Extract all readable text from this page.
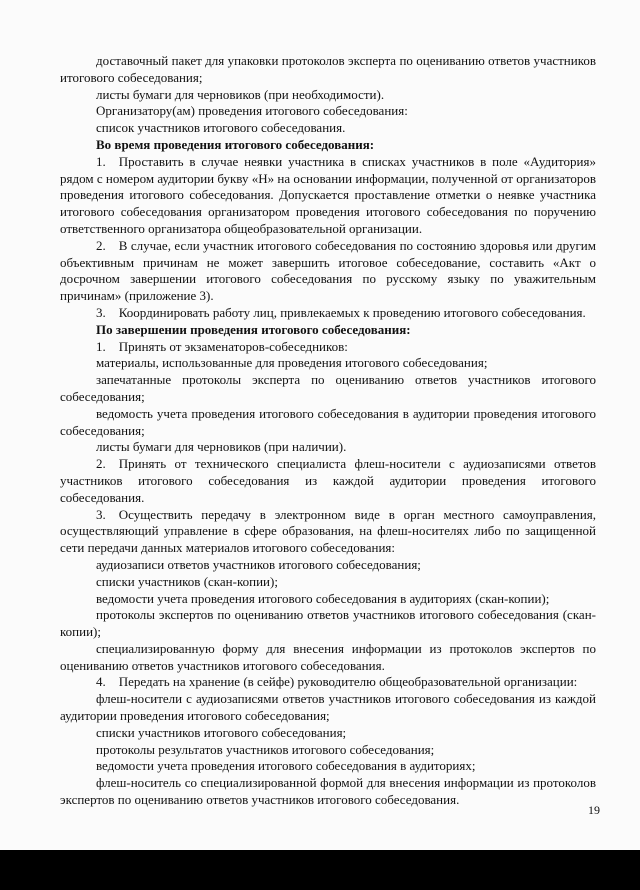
доставочный пакет для упаковки протоколов эксперта по оцениванию ответов участников итогового собеседования;

листы бумаги для черновиков (при необходимости).

Организатору(ам) проведения итогового собеседования:

список участников итогового собеседования.

Во время проведения итогового собеседования:

1. Проставить в случае неявки участника в списках участников в поле «Аудитория» рядом с номером аудитории букву «Н» на основании информации, полученной от организаторов проведения итогового собеседования. Допускается проставление отметки о неявке участника итогового собеседования организатором проведения итогового собеседования по поручению ответственного организатора общеобразовательной организации.

2. В случае, если участник итогового собеседования по состоянию здоровья или другим объективным причинам не может завершить итоговое собеседование, составить «Акт о досрочном завершении итогового собеседования по русскому языку по уважительным причинам» (приложение 3).

3. Координировать работу лиц, привлекаемых к проведению итогового собеседования.

По завершении проведения итогового собеседования:

1. Принять от экзаменаторов-собеседников:

материалы, использованные для проведения итогового собеседования;

запечатанные протоколы эксперта по оцениванию ответов участников итогового собеседования;

ведомость учета проведения итогового собеседования в аудитории проведения итогового собеседования;

листы бумаги для черновиков (при наличии).

2. Принять от технического специалиста флеш-носители с аудиозаписями ответов участников итогового собеседования из каждой аудитории проведения итогового собеседования.

3. Осуществить передачу в электронном виде в орган местного самоуправления, осуществляющий управление в сфере образования, на флеш-носителях либо по защищенной сети передачи данных материалов итогового собеседования:

аудиозаписи ответов участников итогового собеседования;

списки участников (скан-копии);

ведомости учета проведения итогового собеседования в аудиториях (скан-копии);

протоколы экспертов по оцениванию ответов участников итогового собеседования (скан-копии);

специализированную форму для внесения информации из протоколов экспертов по оцениванию ответов участников итогового собеседования.

4. Передать на хранение (в сейфе) руководителю общеобразовательной организации:

флеш-носители с аудиозаписями ответов участников итогового собеседования из каждой аудитории проведения итогового собеседования;

списки участников итогового собеседования;

протоколы результатов участников итогового собеседования;

ведомости учета проведения итогового собеседования в аудиториях;

флеш-носитель со специализированной формой для внесения информации из протоколов экспертов по оцениванию ответов участников итогового собеседования.

19
